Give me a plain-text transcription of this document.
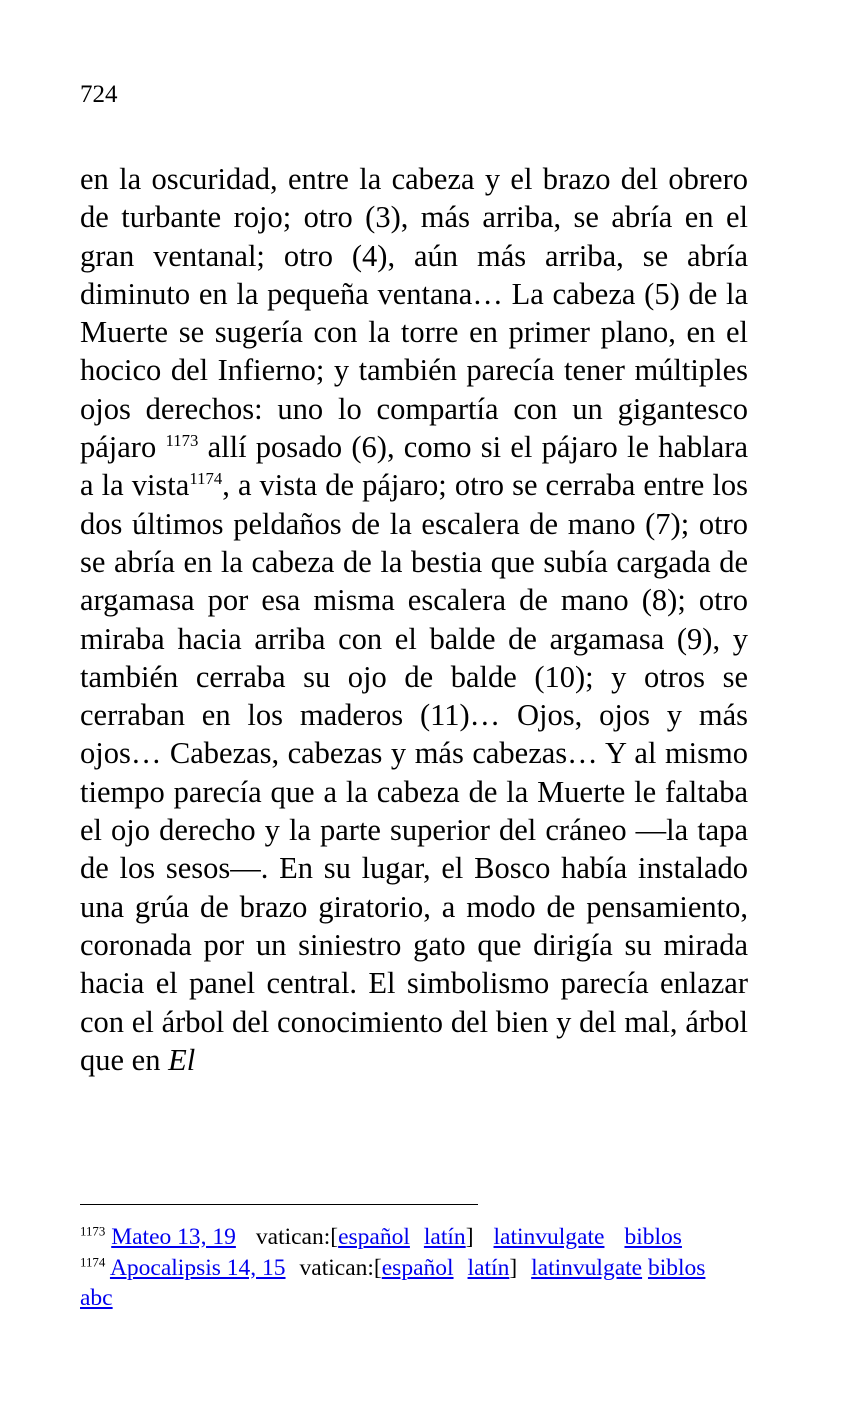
724

en la oscuridad, entre la cabeza y el brazo del obrero de turbante rojo; otro (3), más arriba, se abría en el gran ventanal; otro (4), aún más arriba, se abría diminuto en la pequeña ventana… La cabeza (5) de la Muerte se sugería con la torre en primer plano, en el hocico del Infierno; y también parecía tener múltiples ojos derechos: uno lo compartía con un gigantesco pájaro $^{1173}$ allí posado (6), como si el pájaro le hablara a la vista$^{1174}$, a vista de pájaro; otro se cerraba entre los dos últimos peldaños de la escalera de mano (7); otro se abría en la cabeza de la bestia que subía cargada de argamasa por esa misma escalera de mano (8); otro miraba hacia arriba con el balde de argamasa (9), y también cerraba su ojo de balde (10); y otros se cerraban en los maderos (11)… Ojos, ojos y más ojos… Cabezas, cabezas y más cabezas… Y al mismo tiempo parecía que a la cabeza de la Muerte le faltaba el ojo derecho y la parte superior del cráneo —la tapa de los sesos—. En su lugar, el Bosco había instalado una grúa de brazo giratorio, a modo de pensamiento, coronada por un siniestro gato que dirigía su mirada hacia el panel central. El simbolismo parecía enlazar con el árbol del conocimiento del bien y del mal, árbol que en El

$^{1173}$ Mateo 13, 19 vatican:[español latín] latinvulgate biblos
$^{1174}$ Apocalipsis 14, 15 vatican:[español latín] latinvulgate biblos
abc
